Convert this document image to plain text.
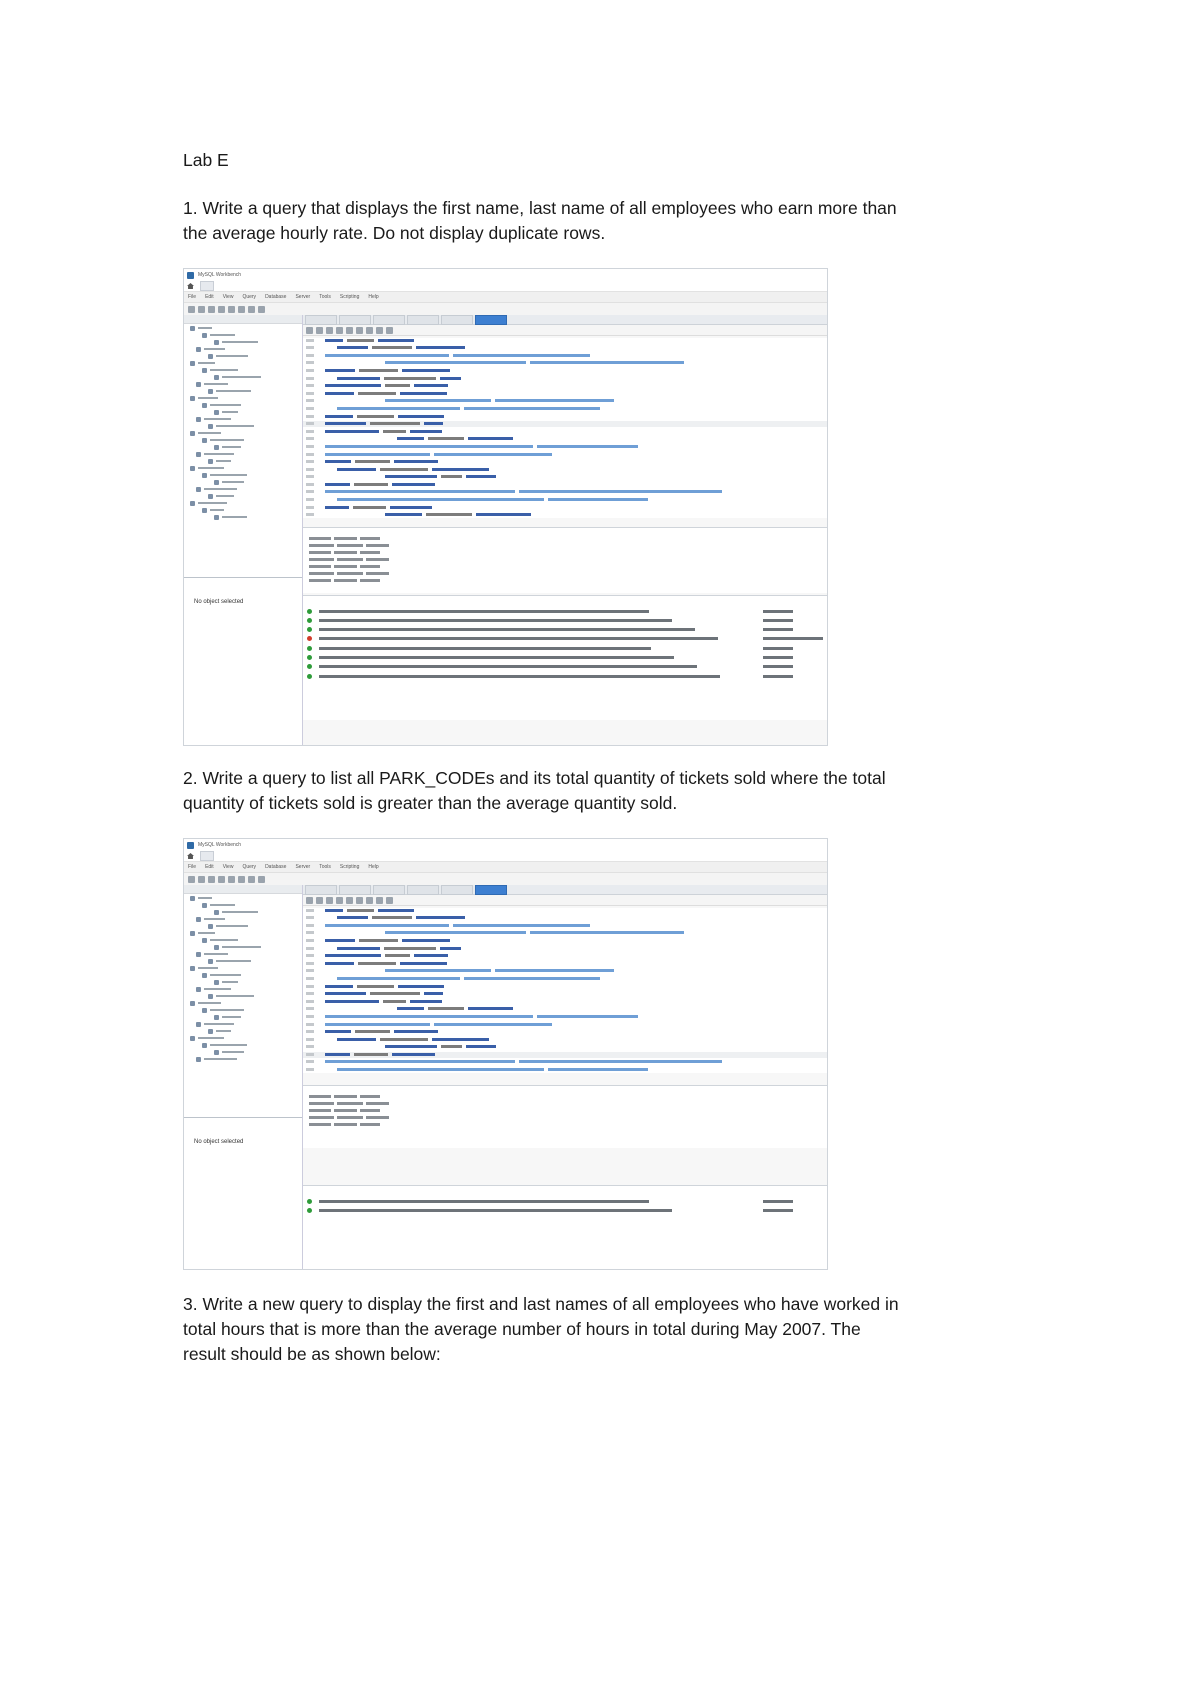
Lab E
1. Write a query that displays the first name, last name of all employees who earn more than
the average hourly rate. Do not display duplicate rows.
MySQL Workbench
File Edit View Query Database Server Tools Scripting Help
No object selected
2. Write a query to list all PARK_CODEs and its total quantity of tickets sold where the total
quantity of tickets sold is greater than the average quantity sold.
MySQL Workbench
File Edit View Query Database Server Tools Scripting Help
No object selected
3. Write a new query to display the first and last names of all employees who have worked in
total hours that is more than the average number of hours in total during May 2007. The
result should be as shown below:
